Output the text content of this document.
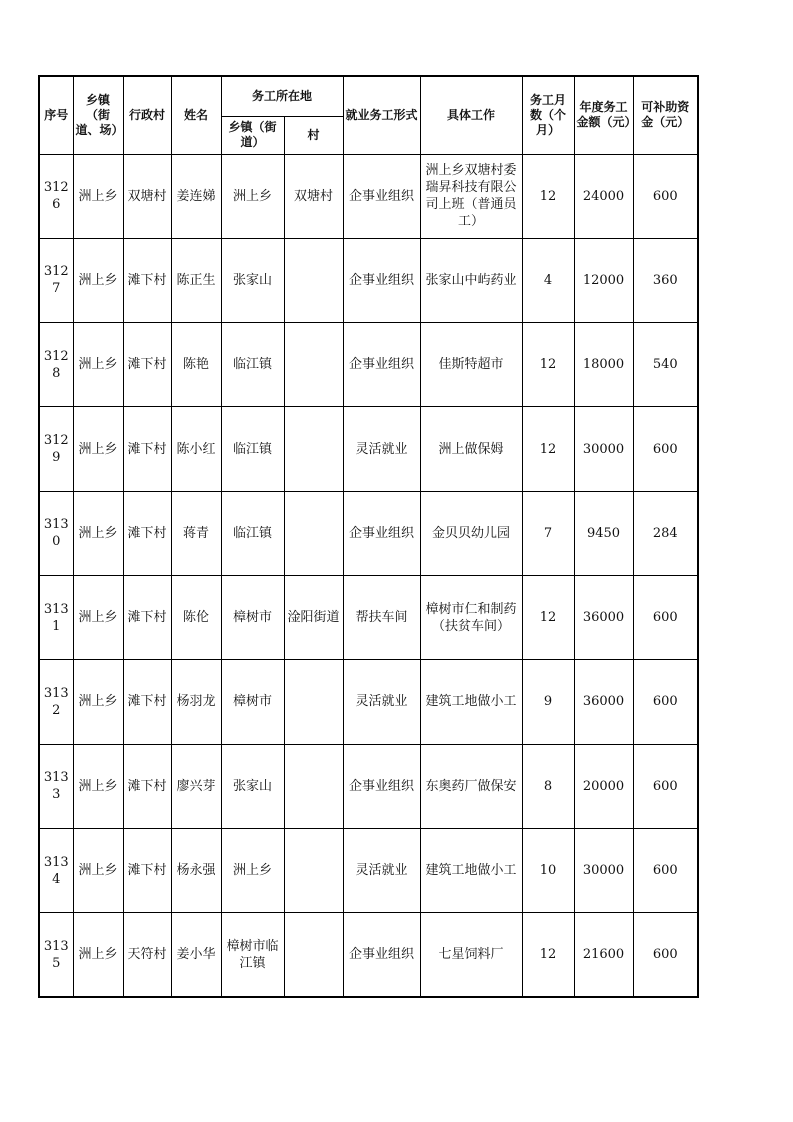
序号	乡镇（街道、场）	行政村	姓名	务工所在地		就业务工形式	具体工作	务工月数（个月）	年度务工金额（元）	可补助资金（元）
				乡镇（街道）	村					
3126	洲上乡	双塘村	姜连娣	洲上乡	双塘村	企事业组织	洲上乡双塘村委瑞昇科技有限公司上班（普通员工）	12	24000	600
3127	洲上乡	滩下村	陈正生	张家山		企事业组织	张家山中屿药业	4	12000	360
3128	洲上乡	滩下村	陈艳	临江镇		企事业组织	佳斯特超市	12	18000	540
3129	洲上乡	滩下村	陈小红	临江镇		灵活就业	洲上做保姆	12	30000	600
3130	洲上乡	滩下村	蒋青	临江镇		企事业组织	金贝贝幼儿园	7	9450	284
3131	洲上乡	滩下村	陈伦	樟树市	淦阳街道	帮扶车间	樟树市仁和制药（扶贫车间）	12	36000	600
3132	洲上乡	滩下村	杨羽龙	樟树市		灵活就业	建筑工地做小工	9	36000	600
3133	洲上乡	滩下村	廖兴芽	张家山		企事业组织	东奥药厂做保安	8	20000	600
3134	洲上乡	滩下村	杨永强	洲上乡		灵活就业	建筑工地做小工	10	30000	600
3135	洲上乡	天符村	姜小华	樟树市临江镇		企事业组织	七星饲料厂	12	21600	600
